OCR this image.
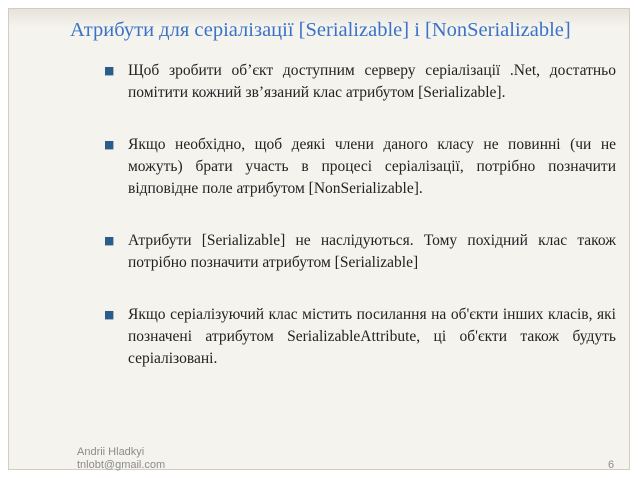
Атрибути для серіалізації [Serializable] і [NonSerializable]
■ Щоб зробити об’єкт доступним серверу серіалізації .Net, достатньо помітити кожний зв’язаний клас атрибутом [Serializable].
■ Якщо необхідно, щоб деякі члени даного класу не повинні (чи не можуть) брати участь в процесі серіалізації, потрібно позначити відповідне поле атрибутом [NonSerializable].
■ Атрибути [Serializable] не наслідуються. Тому похідний клас також потрібно позначити атрибутом [Serializable]
■ Якщо серіалізуючий клас містить посилання на об'єкти інших класів, які позначені атрибутом SerializableAttribute, ці об'єкти також будуть серіалізовані.
Andrii Hladkyi
tnlobt@gmail.com	6
